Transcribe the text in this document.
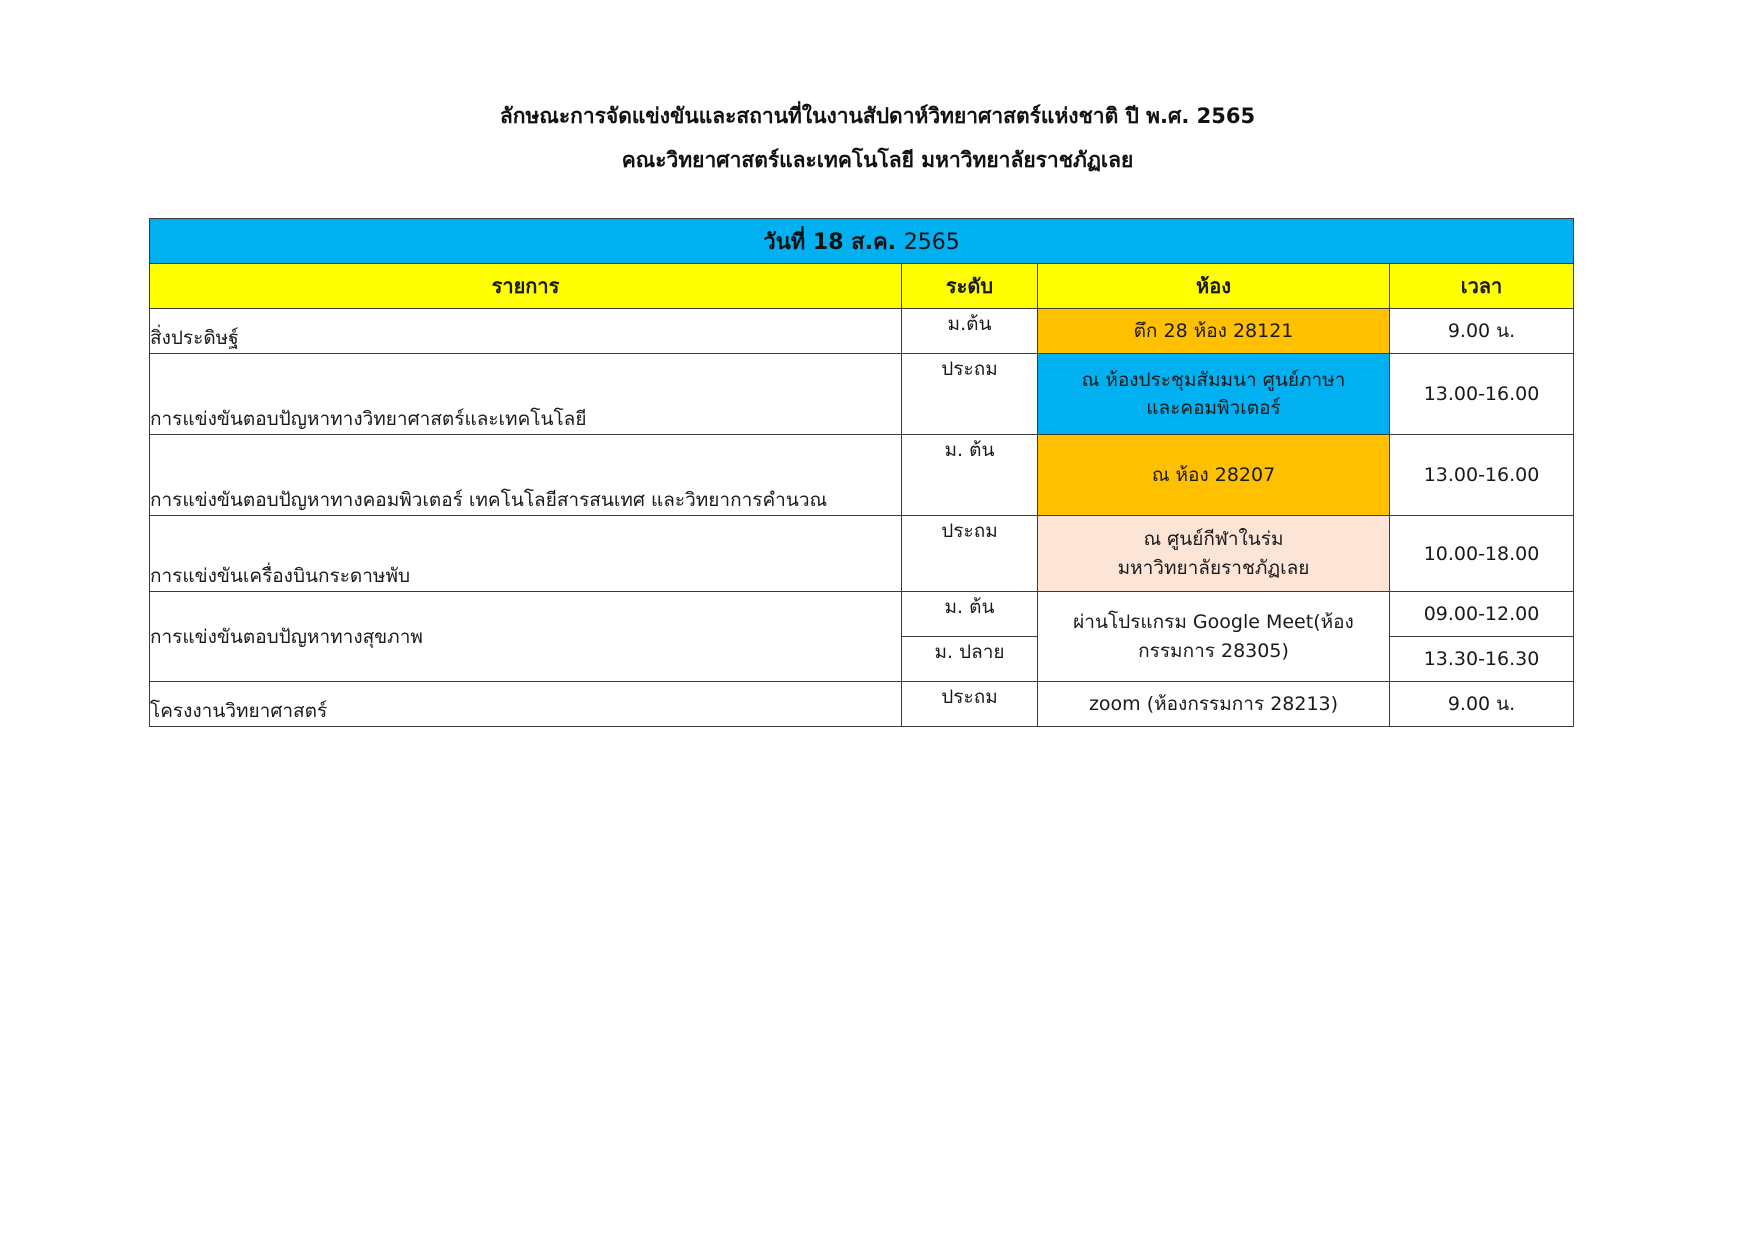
ลักษณะการจัดแข่งขันและสถานที่ในงานสัปดาห์วิทยาศาสตร์แห่งชาติ ปี พ.ศ. 2565
คณะวิทยาศาสตร์และเทคโนโลยี มหาวิทยาลัยราชภัฏเลย
วันที่ 18 ส.ค. 2565			
รายการ	ระดับ	ห้อง	เวลา
สิ่งประดิษฐ์	ม.ต้น	ตึก 28 ห้อง 28121	9.00 น.
การแข่งขันตอบปัญหาทางวิทยาศาสตร์และเทคโนโลยี	ประถม	ณ ห้องประชุมสัมมนา ศูนย์ภาษา
และคอมพิวเตอร์	13.00-16.00
การแข่งขันตอบปัญหาทางคอมพิวเตอร์ เทคโนโลยีสารสนเทศ และวิทยาการคำนวณ	ม. ต้น	ณ ห้อง 28207	13.00-16.00
การแข่งขันเครื่องบินกระดาษพับ	ประถม	ณ ศูนย์กีฬาในร่ม
มหาวิทยาลัยราชภัฏเลย	10.00-18.00
การแข่งขันตอบปัญหาทางสุขภาพ	ม. ต้น	ผ่านโปรแกรม Google Meet(ห้อง
กรรมการ 28305)	09.00-12.00
	ม. ปลาย		13.30-16.30
โครงงานวิทยาศาสตร์	ประถม	zoom (ห้องกรรมการ 28213)	9.00 น.
